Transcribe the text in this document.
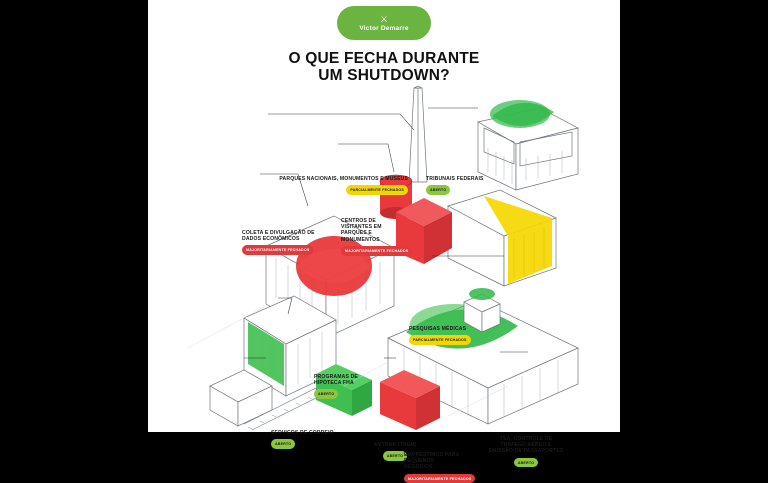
⚔
Victor Demarre
O QUE FECHA DURANTE
UM SHUTDOWN?
PARQUES NACIONAIS, MONUMENTOS E MUSEUS
PARCIALMENTE FECHADOS
TRIBUNAIS FEDERAIS
ABERTO
CENTROS DE VISITANTES EM PARQUES E MONUMENTOS
MAJORITARIAMENTE FECHADOS
COLETA E DIVULGAÇÃO DE DADOS ECONÔMICOS
MAJORITARIAMENTE FECHADOS
PESQUISAS MÉDICAS
PARCIALMENTE FECHADOS
PROGRAMAS DE HIPOTECA FHA
ABERTO
SERVIÇOS DE CORREIO
ABERTO	AMTRAK (TREM)
ABERTO EMPRÉSTIMOS PARA PEQUENOS NEGÓCIOS
MAJORITARIAMENTE FECHADOS
TSA, CONTROLE DE TRÁFEGO AÉREO E EMISSÃO DE PASSAPORTES
ABERTO
